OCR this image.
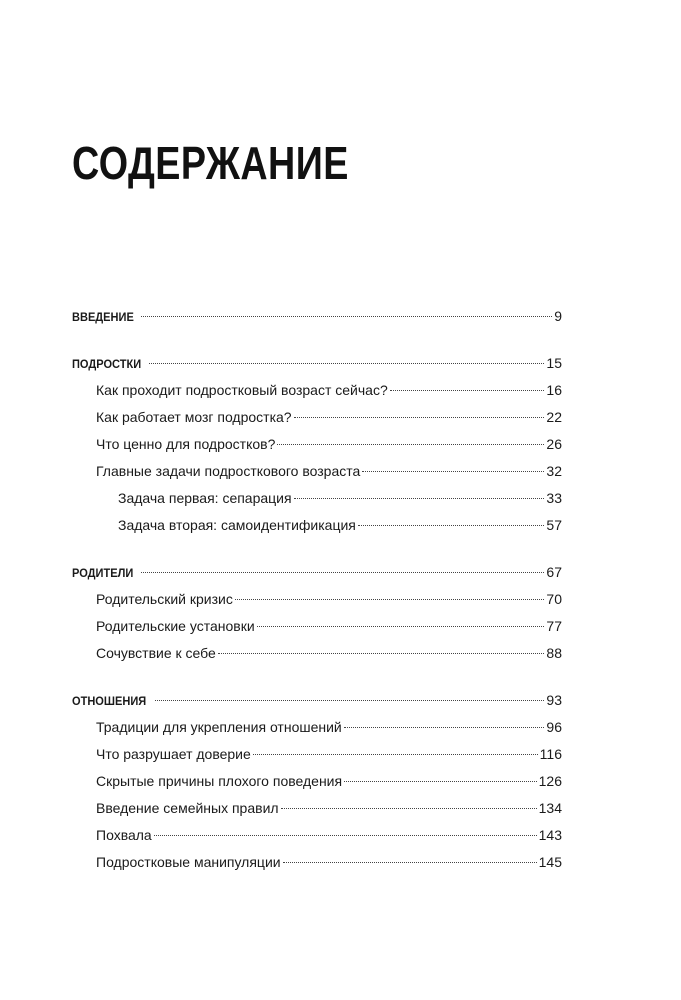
СОДЕРЖАНИЕ
ВВЕДЕНИЕ	9
ПОДРОСТКИ	15
Как проходит подростковый возраст сейчас?	16
Как работает мозг подростка?	22
Что ценно для подростков?	26
Главные задачи подросткового возраста	32
Задача первая: сепарация	33
Задача вторая: самоидентификация	57
РОДИТЕЛИ	67
Родительский кризис	70
Родительские установки	77
Сочувствие к себе	88
ОТНОШЕНИЯ	93
Традиции для укрепления отношений	96
Что разрушает доверие	116
Скрытые причины плохого поведения	126
Введение семейных правил	134
Похвала	143
Подростковые манипуляции	145
